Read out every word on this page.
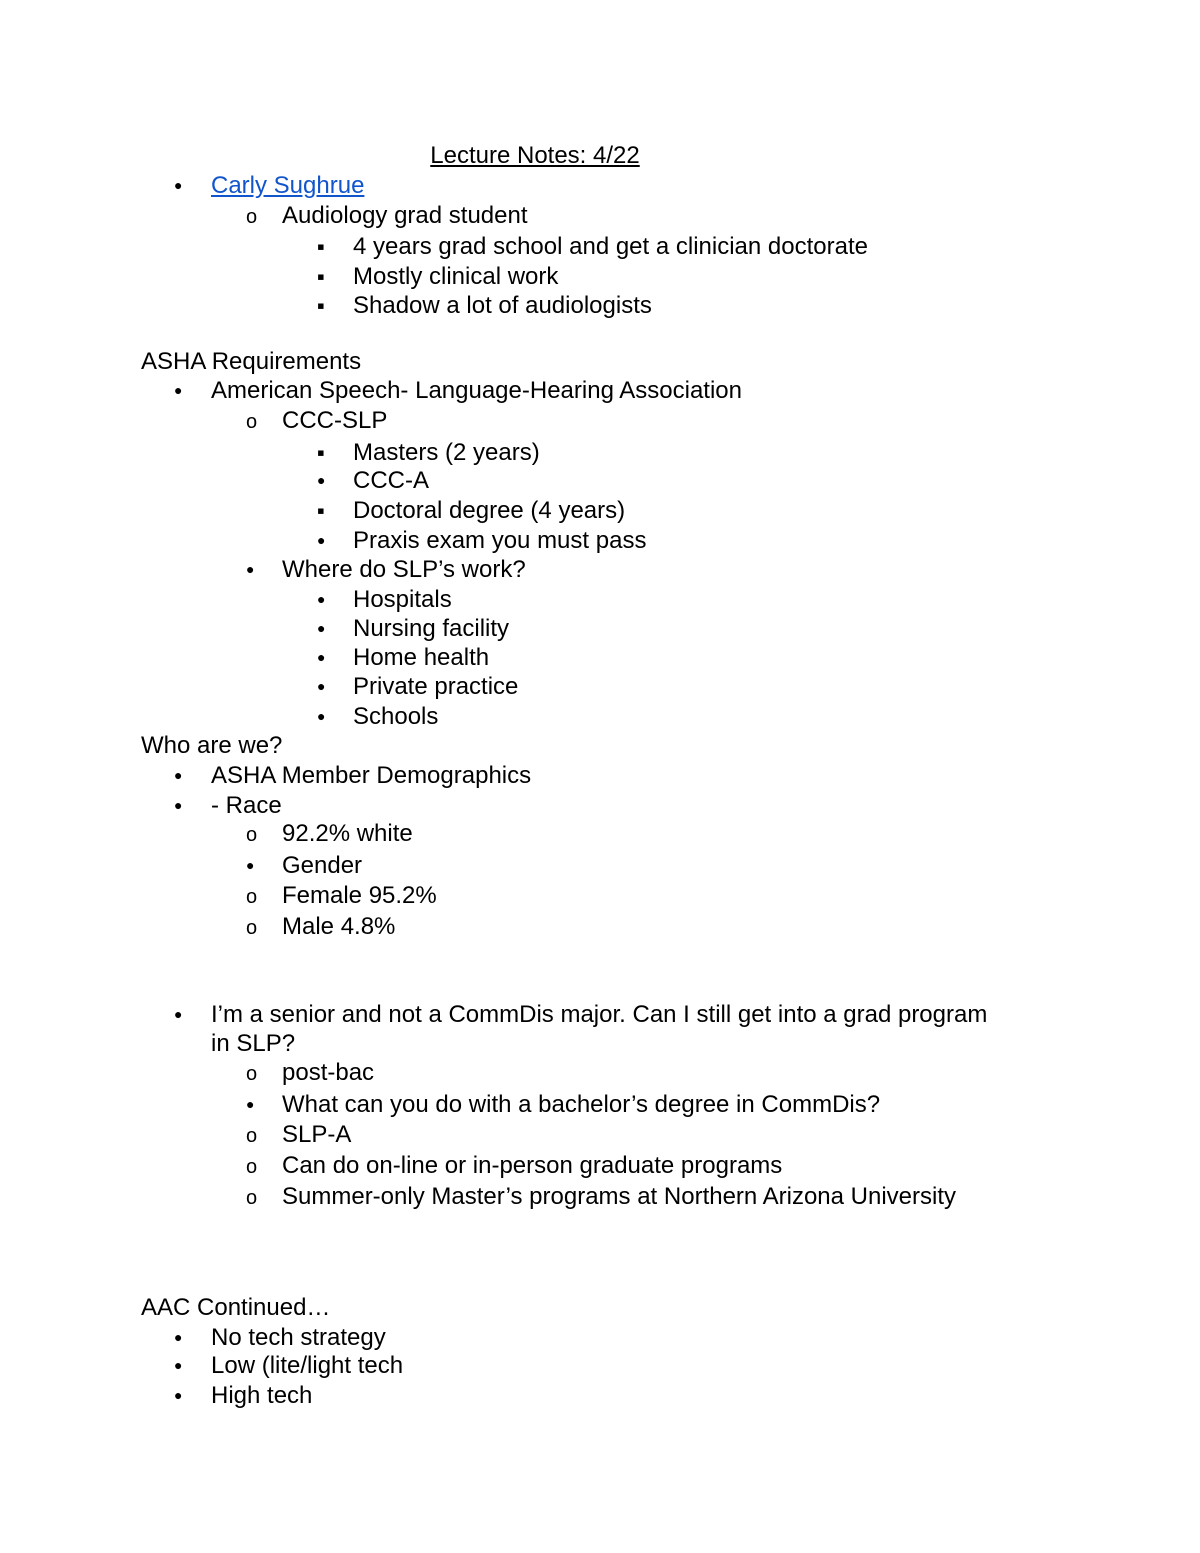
Lecture Notes: 4/22
●
Carly Sughrue
o
Audiology grad student
▪
4 years grad school and get a clinician doctorate
▪
Mostly clinical work
▪
Shadow a lot of audiologists
ASHA Requirements
●
American Speech- Language-Hearing Association
o
CCC-SLP
▪
Masters (2 years)
●
CCC-A
▪
Doctoral degree (4 years)
●
Praxis exam you must pass
●
Where do SLP’s work?
●
Hospitals
●
Nursing facility
●
Home health
●
Private practice
●
Schools
Who are we?
●
ASHA Member Demographics
●
- Race
o
92.2% white
●
Gender
o
Female 95.2%
o
Male 4.8%
●
I’m a senior and not a CommDis major. Can I still get into a grad program
in SLP?
o
post-bac
●
What can you do with a bachelor’s degree in CommDis?
o
SLP-A
o
Can do on-line or in-person graduate programs
o
Summer-only Master’s programs at Northern Arizona University
AAC Continued…
●
No tech strategy
●
Low (lite/light tech
●
High tech
